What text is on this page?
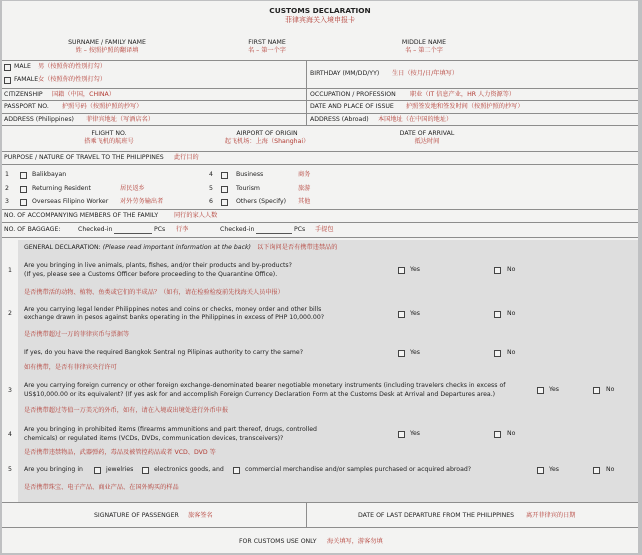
CUSTOMS DECLARATION
菲律宾海关入境申报卡
SURNAME / FAMILY NAME
姓 – 按照护照的翻译填
FIRST NAME
名 – 第一个字
MIDDLE NAME
名 – 第二个字
MALE 男（按照你的性别打勾）
FAMALE 女（按照你的性别打勾）
BIRTHDAY (MM/DD/YY) 生日（按月/日/年填写）
CITIZENSHIP 国籍（中国，CHINA）	OCCUPATION / PROFESSION 职业（IT 信息产业，HR 人力资源等）
PASSPORT NO. 护照号码（按照护照的抄写）	DATE AND PLACE OF ISSUE 护照签发地和签发时间（按照护照的抄写）
ADDRESS (Philippines) 菲律宾地址（写酒店名）	ADDRESS (Abroad) 本国地址（在中国的地址）
FLIGHT NO.
搭乘飞机的航班号
AIRPORT OF ORIGIN
起飞机场：上海（Shanghai）
DATE OF ARRIVAL
抵达时间
PURPOSE / NATURE OF TRAVEL TO THE PHILIPPINES 此行目的
1	Balikbayan
2	Returning Resident	居民返乡
3	Overseas Filipino Worker 对外劳务输出者
4	Business	商务
5	Tourism	旅游
6	Others (Specify) 其他
NO. OF ACCOMPANYING MEMBERS OF THE FAMILY	同行的家人人数
NO. OF BAGGAGE:	Checked-in	PCs 行李	Checked-in	PCs 手提包
GENERAL DECLARATION: (Please read important information at the back) 以下询问是否有携带违禁品的
1
Are you bringing in live animals, plants, fishes, and/or their products and by-products?
(If yes, please see a Customs Officer before proceeding to the Quarantine Office).
Yes	No
是否携带活的动物、植物、鱼类或它们的半成品？（如有，请在检验检疫前先找海关人员申报）
2
Are you carrying legal lender Philippines notes and coins or checks, money order and other bills
exchange drawn in pesos against banks operating in the Philippines in excess of PHP 10,000.00?
Yes	No
是否携带超过一万的菲律宾币与票据等
If yes, do you have the required Bangkok Sentral ng Pilipinas authority to carry the same?	Yes	No
如有携带，是否有菲律宾央行许可
3
Are you carrying foreign currency or other foreign exchange-denominated bearer negotiable monetary instruments (including travelers checks in excess of
US$10,000.00 or its equivalent? (If yes ask for and accomplish Foreign Currency Declaration Form at the Customs Desk at Arrival and Departures area.)
Yes	No
是否携带超过等值一万美元的外币，如有，请在入境或出境处进行外币申报
4
Are you bringing in prohibited items (firearms ammunitions and part thereof, drugs, controlled
chemicals) or regulated items (VCDs, DVDs, communication devices, transceivers)?
Yes	No
是否携带违禁物品，武器弹药，毒品及被管控药品或者 VCD、DVD 等
5 Are you bringing in	jewelries	electronics goods, and	commercial merchandise and/or samples purchased or acquired abroad?	Yes	No
是否携带珠宝、电子产品、商业产品、在国外购买的样品
SIGNATURE OF PASSENGER 旅客签名	DATE OF LAST DEPARTURE FROM THE PHILIPPINES 离开菲律宾的日期
FOR CUSTOMS USE ONLY 海关填写，游客勿填
